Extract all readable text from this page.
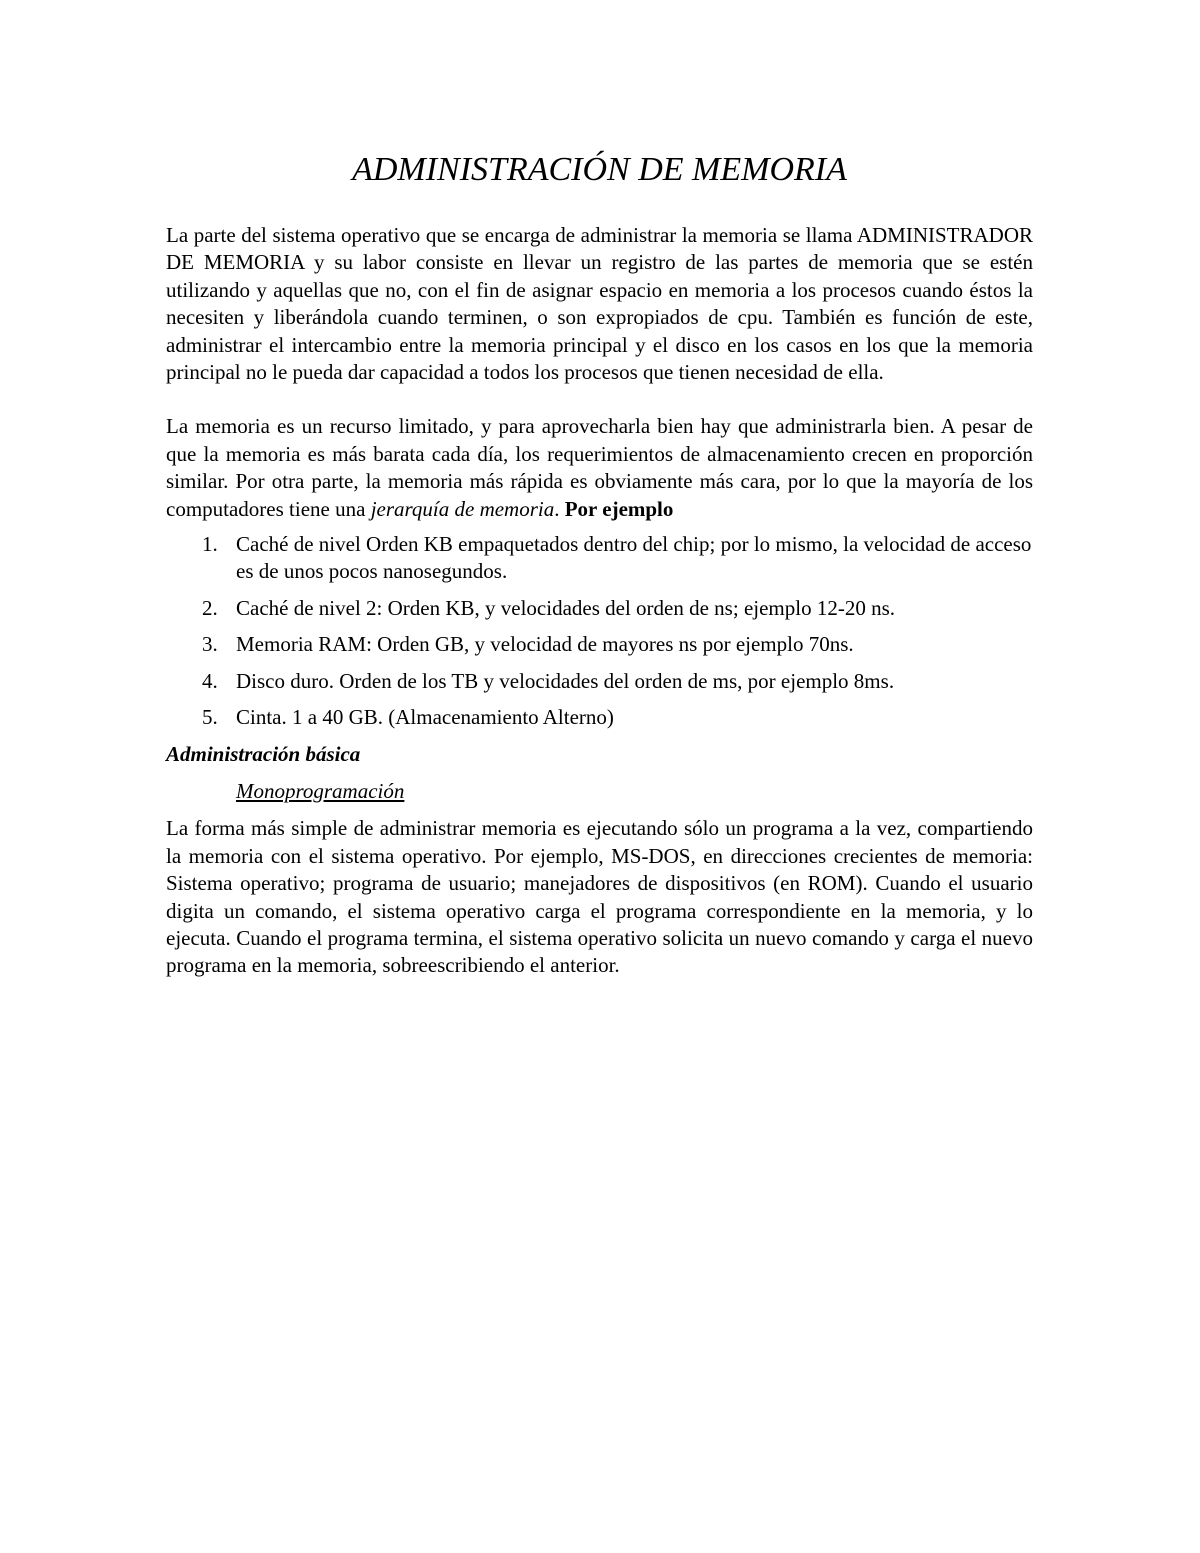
ADMINISTRACIÓN DE MEMORIA

La parte del sistema operativo que se encarga de administrar la memoria se llama ADMINISTRADOR DE MEMORIA y su labor consiste en llevar un registro de las partes de memoria que se estén utilizando y aquellas que no, con el fin de asignar espacio en memoria a los procesos cuando éstos la necesiten y liberándola cuando terminen, o son expropiados de cpu. También es función de este, administrar el intercambio entre la memoria principal y el disco en los casos en los que la memoria principal no le pueda dar capacidad a todos los procesos que tienen necesidad de ella.

La memoria es un recurso limitado, y para aprovecharla bien hay que administrarla bien. A pesar de que la memoria es más barata cada día, los requerimientos de almacenamiento crecen en proporción similar. Por otra parte, la memoria más rápida es obviamente más cara, por lo que la mayoría de los computadores tiene una jerarquía de memoria. Por ejemplo

1. Caché de nivel Orden KB empaquetados dentro del chip; por lo mismo, la velocidad de acceso es de unos pocos nanosegundos.
2. Caché de nivel 2: Orden KB, y velocidades del orden de ns; ejemplo 12-20 ns.
3. Memoria RAM: Orden GB, y velocidad de mayores ns por ejemplo 70ns.
4. Disco duro. Orden de los TB y velocidades del orden de ms, por ejemplo 8ms.
5. Cinta. 1 a 40 GB. (Almacenamiento Alterno)
Administración básica
Monoprogramación

La forma más simple de administrar memoria es ejecutando sólo un programa a la vez, compartiendo la memoria con el sistema operativo. Por ejemplo, MS-DOS, en direcciones crecientes de memoria: Sistema operativo; programa de usuario; manejadores de dispositivos (en ROM). Cuando el usuario digita un comando, el sistema operativo carga el programa correspondiente en la memoria, y lo ejecuta. Cuando el programa termina, el sistema operativo solicita un nuevo comando y carga el nuevo programa en la memoria, sobreescribiendo el anterior.
